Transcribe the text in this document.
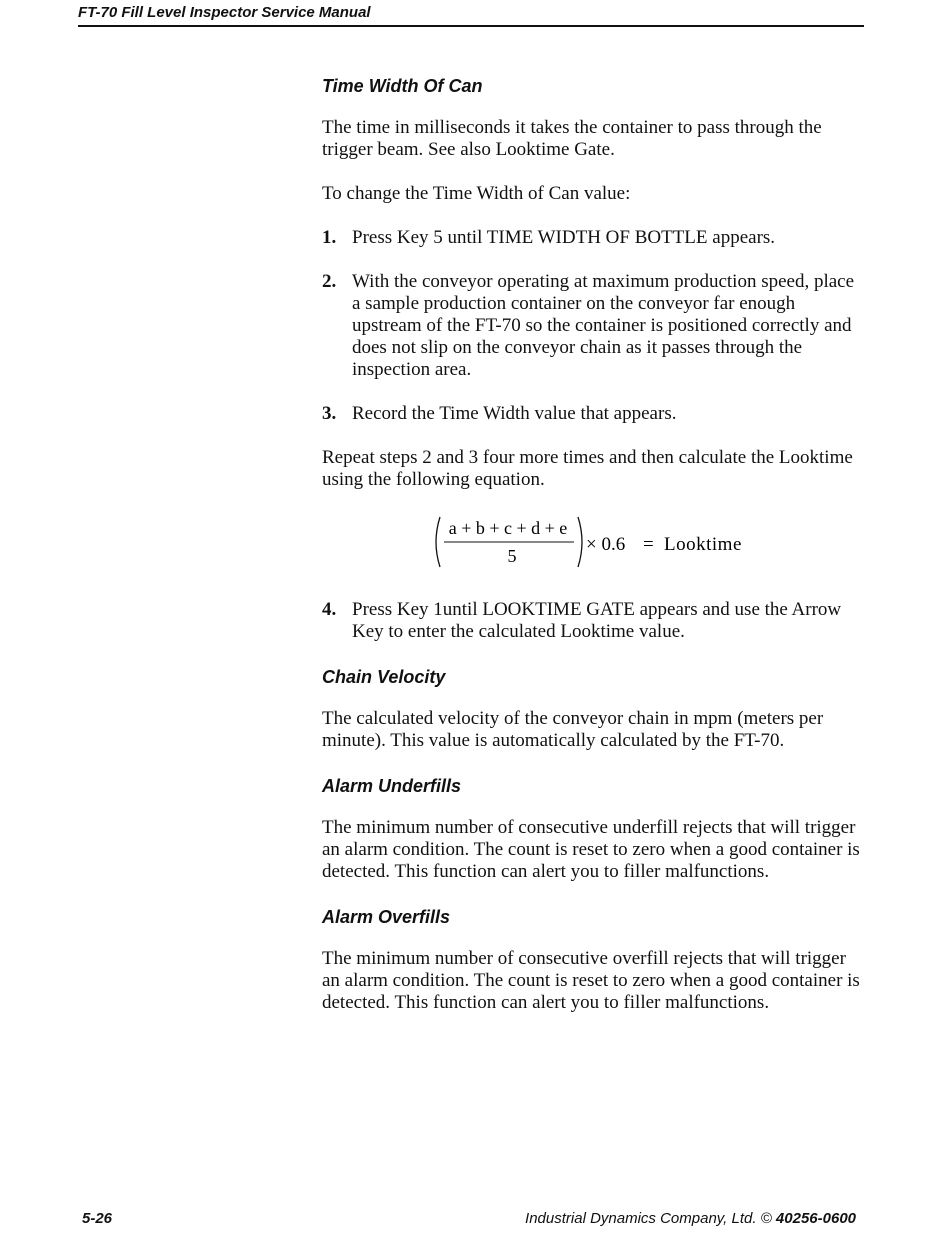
FT-70 Fill Level Inspector Service Manual
Time Width Of Can

The time in milliseconds it takes the container to pass through the trigger beam. See also Looktime Gate.

To change the Time Width of Can value:

1. Press Key 5 until TIME WIDTH OF BOTTLE appears.
2. With the conveyor operating at maximum production speed, place a sample production container on the conveyor far enough upstream of the FT-70 so the container is positioned correctly and does not slip on the conveyor chain as it passes through the inspection area.
3. Record the Time Width value that appears.

Repeat steps 2 and 3 four more times and then calculate the Looktime using the following equation.

a + b + c + d + e
5
× 0.6 = Looktime
4. Press Key 1until LOOKTIME GATE appears and use the Arrow Key to enter the calculated Looktime value.
Chain Velocity

The calculated velocity of the conveyor chain in mpm (meters per minute). This value is automatically calculated by the FT-70.

Alarm Underfills

The minimum number of consecutive underfill rejects that will trigger an alarm condition. The count is reset to zero when a good container is detected. This function can alert you to filler malfunctions.

Alarm Overfills

The minimum number of consecutive overfill rejects that will trigger an alarm condition. The count is reset to zero when a good container is detected. This function can alert you to filler malfunctions.

5-26	Industrial Dynamics Company, Ltd. © 40256-0600
